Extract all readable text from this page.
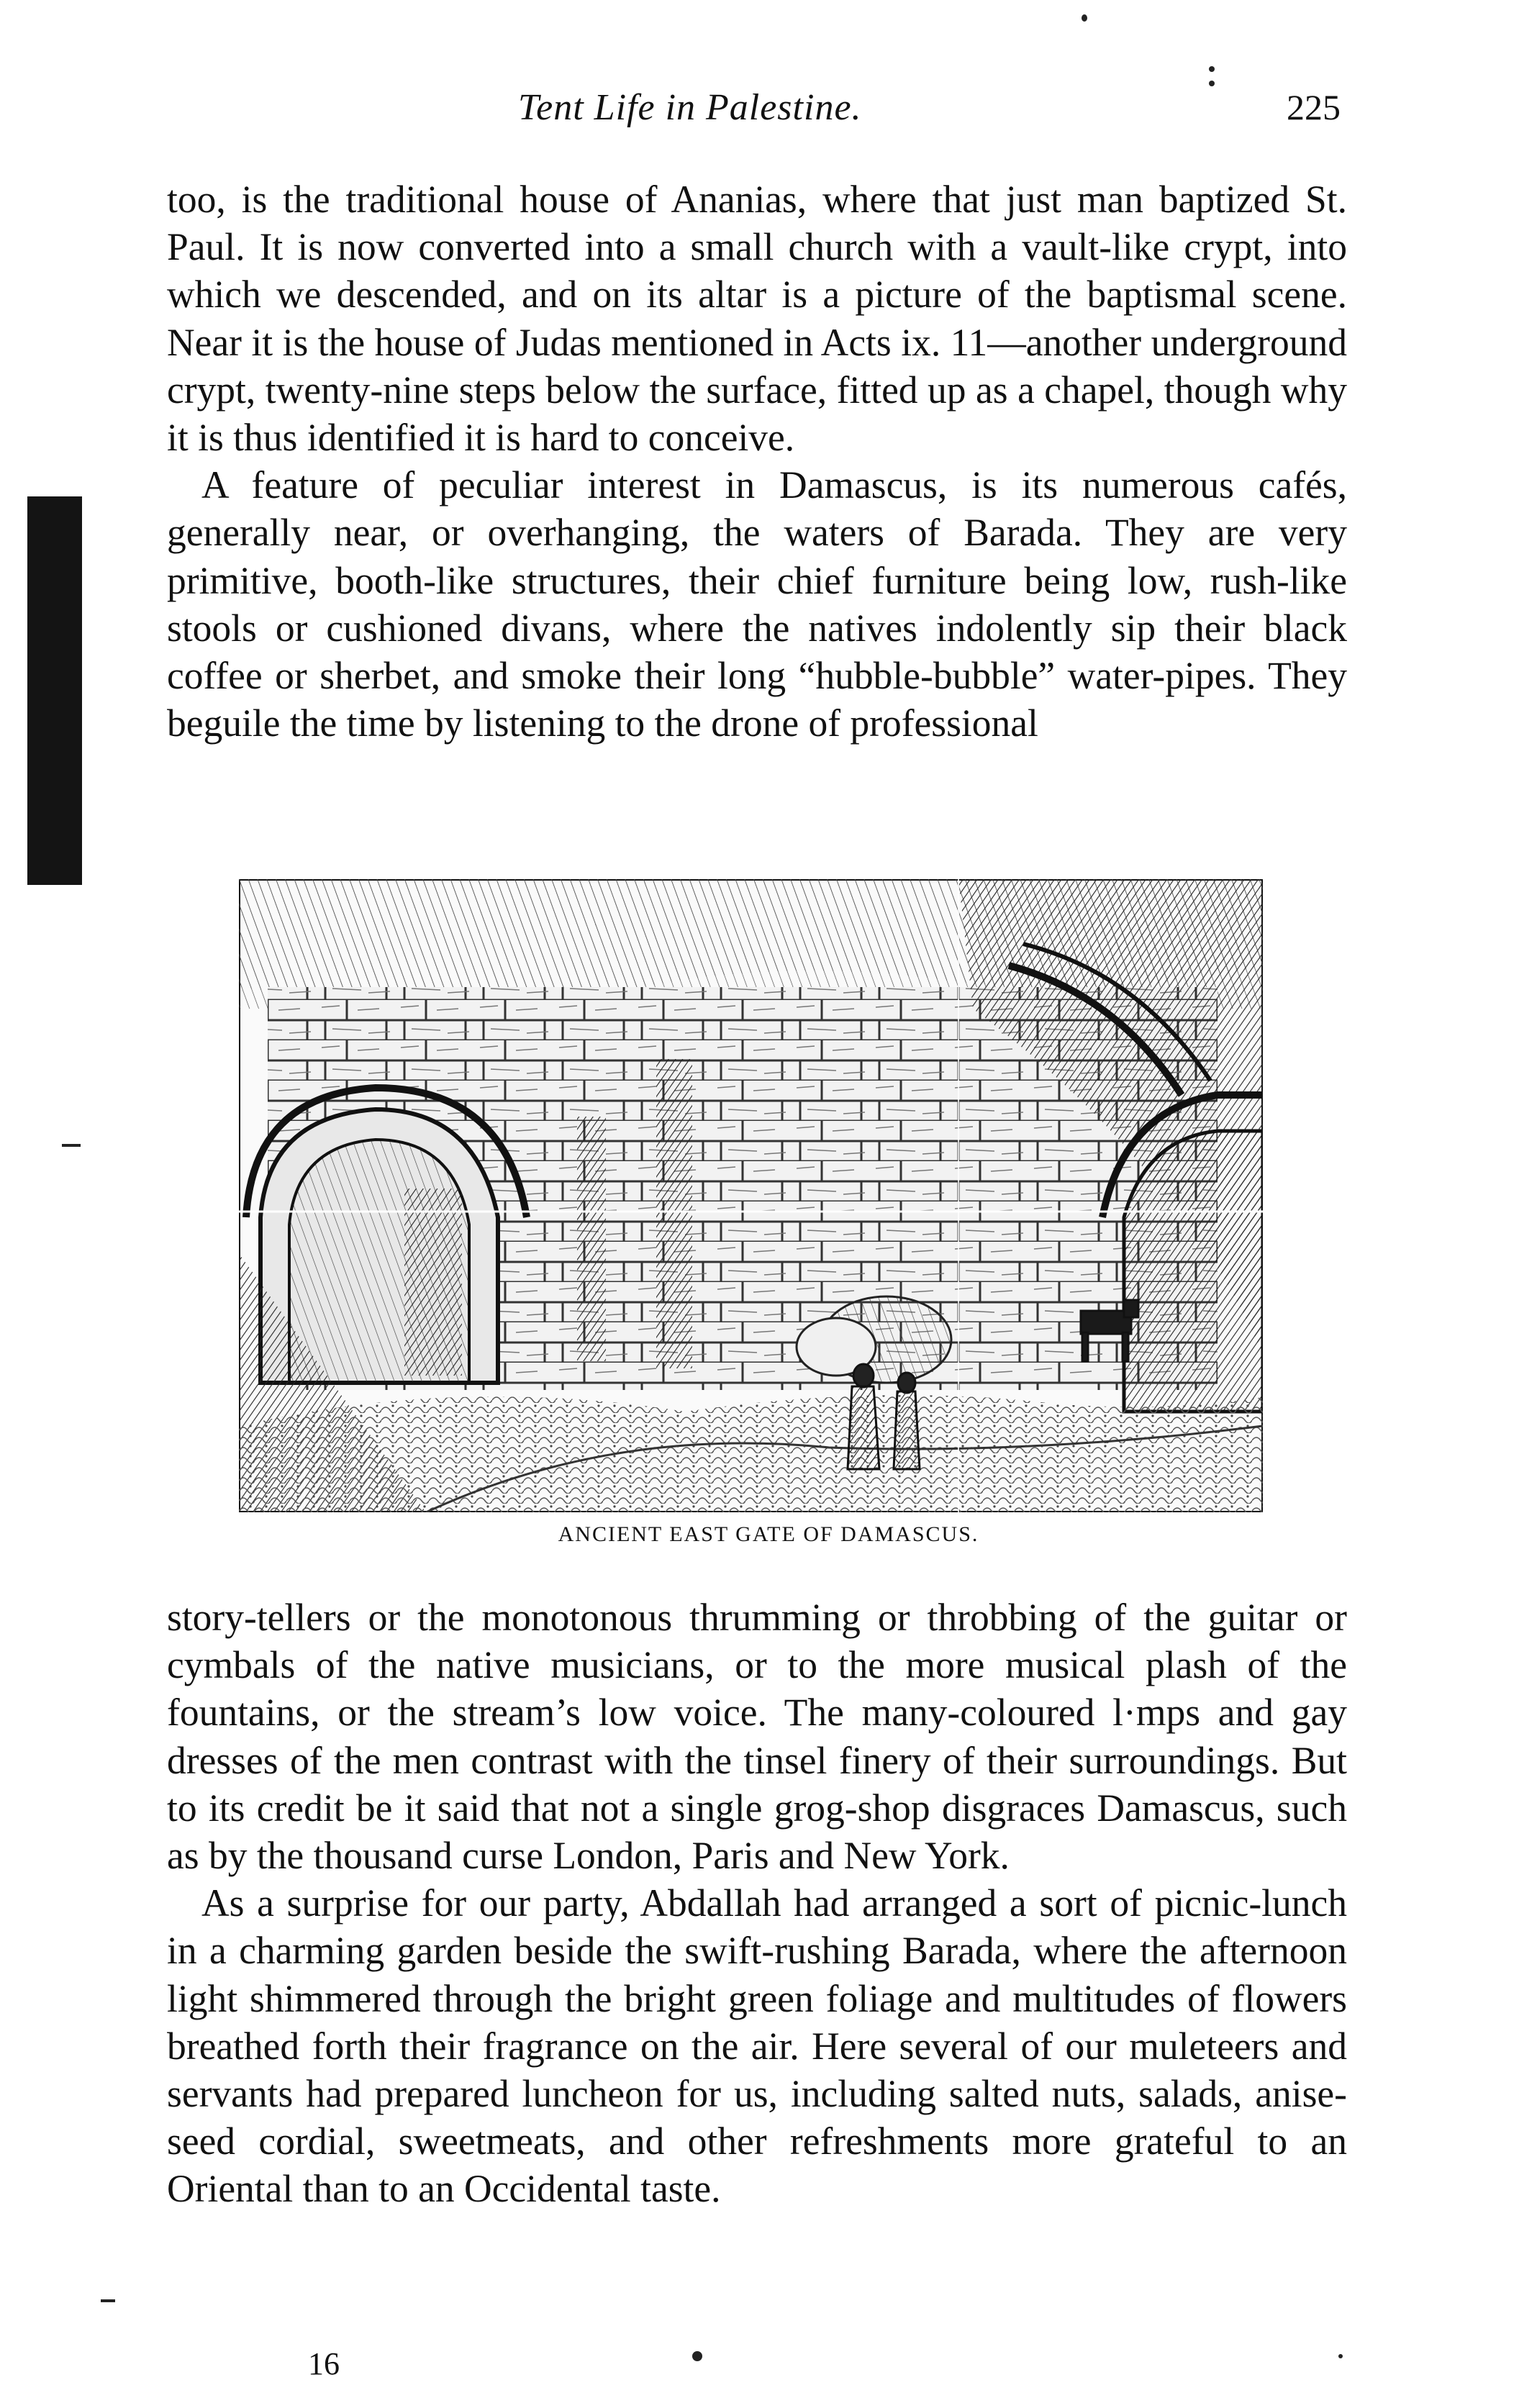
Tent Life in Palestine.	225

too, is the traditional house of Ananias, where that just man baptized St. Paul. It is now converted into a small church with a vault-like crypt, into which we descended, and on its altar is a picture of the baptismal scene. Near it is the house of Judas mentioned in Acts ix. 11—another underground crypt, twenty-nine steps below the surface, fitted up as a chapel, though why it is thus identified it is hard to conceive.

A feature of peculiar interest in Damascus, is its numerous cafés, generally near, or overhanging, the waters of Barada. They are very primitive, booth-like structures, their chief furniture being low, rush-like stools or cushioned divans, where the natives indolently sip their black coffee or sherbet, and smoke their long “hubble-bubble” water-pipes. They beguile the time by listening to the drone of professional

ANCIENT EAST GATE OF DAMASCUS.

story-tellers or the monotonous thrumming or throbbing of the guitar or cymbals of the native musicians, or to the more musical plash of the fountains, or the stream’s low voice. The many-coloured l·mps and gay dresses of the men contrast with the tinsel finery of their surroundings. But to its credit be it said that not a single grog-shop disgraces Damascus, such as by the thousand curse London, Paris and New York.

As a surprise for our party, Abdallah had arranged a sort of picnic-lunch in a charming garden beside the swift-rushing Barada, where the afternoon light shimmered through the bright green foliage and multitudes of flowers breathed forth their fragrance on the air. Here several of our muleteers and servants had prepared luncheon for us, including salted nuts, salads, anise-seed cordial, sweetmeats, and other refreshments more grateful to an Oriental than to an Occidental taste.

16
